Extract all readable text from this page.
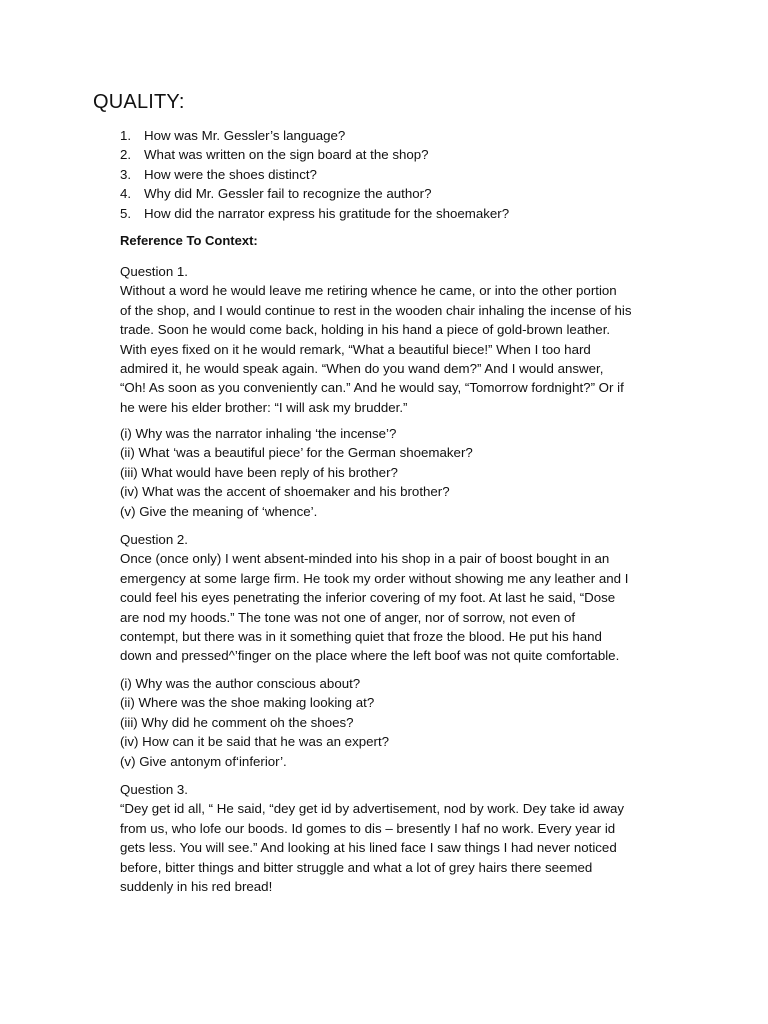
QUALITY:
1. How was Mr. Gessler’s language?
2. What was written on the sign board at the shop?
3. How were the shoes distinct?
4. Why did Mr. Gessler fail to recognize the author?
5. How did the narrator express his gratitude for the shoemaker?
Reference To Context:
Question 1.
Without a word he would leave me retiring whence he came, or into the other portion
of the shop, and I would continue to rest in the wooden chair inhaling the incense of his
trade. Soon he would come back, holding in his hand a piece of gold-brown leather.
With eyes fixed on it he would remark, “What a beautiful biece!” When I too hard
admired it, he would speak again. “When do you wand dem?” And I would answer,
“Oh! As soon as you conveniently can.” And he would say, “Tomorrow fordnight?” Or if
he were his elder brother: “I will ask my brudder.”
(i) Why was the narrator inhaling ‘the incense’?
(ii) What ‘was a beautiful piece’ for the German shoemaker?
(iii) What would have been reply of his brother?
(iv) What was the accent of shoemaker and his brother?
(v) Give the meaning of ‘whence’.
Question 2.
Once (once only) I went absent-minded into his shop in a pair of boost bought in an
emergency at some large firm. He took my order without showing me any leather and I
could feel his eyes penetrating the inferior covering of my foot. At last he said, “Dose
are nod my hoods.” The tone was not one of anger, nor of sorrow, not even of
contempt, but there was in it something quiet that froze the blood. He put his hand
down and pressed^’finger on the place where the left boof was not quite comfortable.
(i) Why was the author conscious about?
(ii) Where was the shoe making looking at?
(iii) Why did he comment oh the shoes?
(iv) How can it be said that he was an expert?
(v) Give antonym of‘inferior’.
Question 3.
“Dey get id all, “ He said, “dey get id by advertisement, nod by work. Dey take id away
from us, who lofe our boods. Id gomes to dis – bresently I haf no work. Every year id
gets less. You will see.” And looking at his lined face I saw things I had never noticed
before, bitter things and bitter struggle and what a lot of grey hairs there seemed
suddenly in his red bread!
